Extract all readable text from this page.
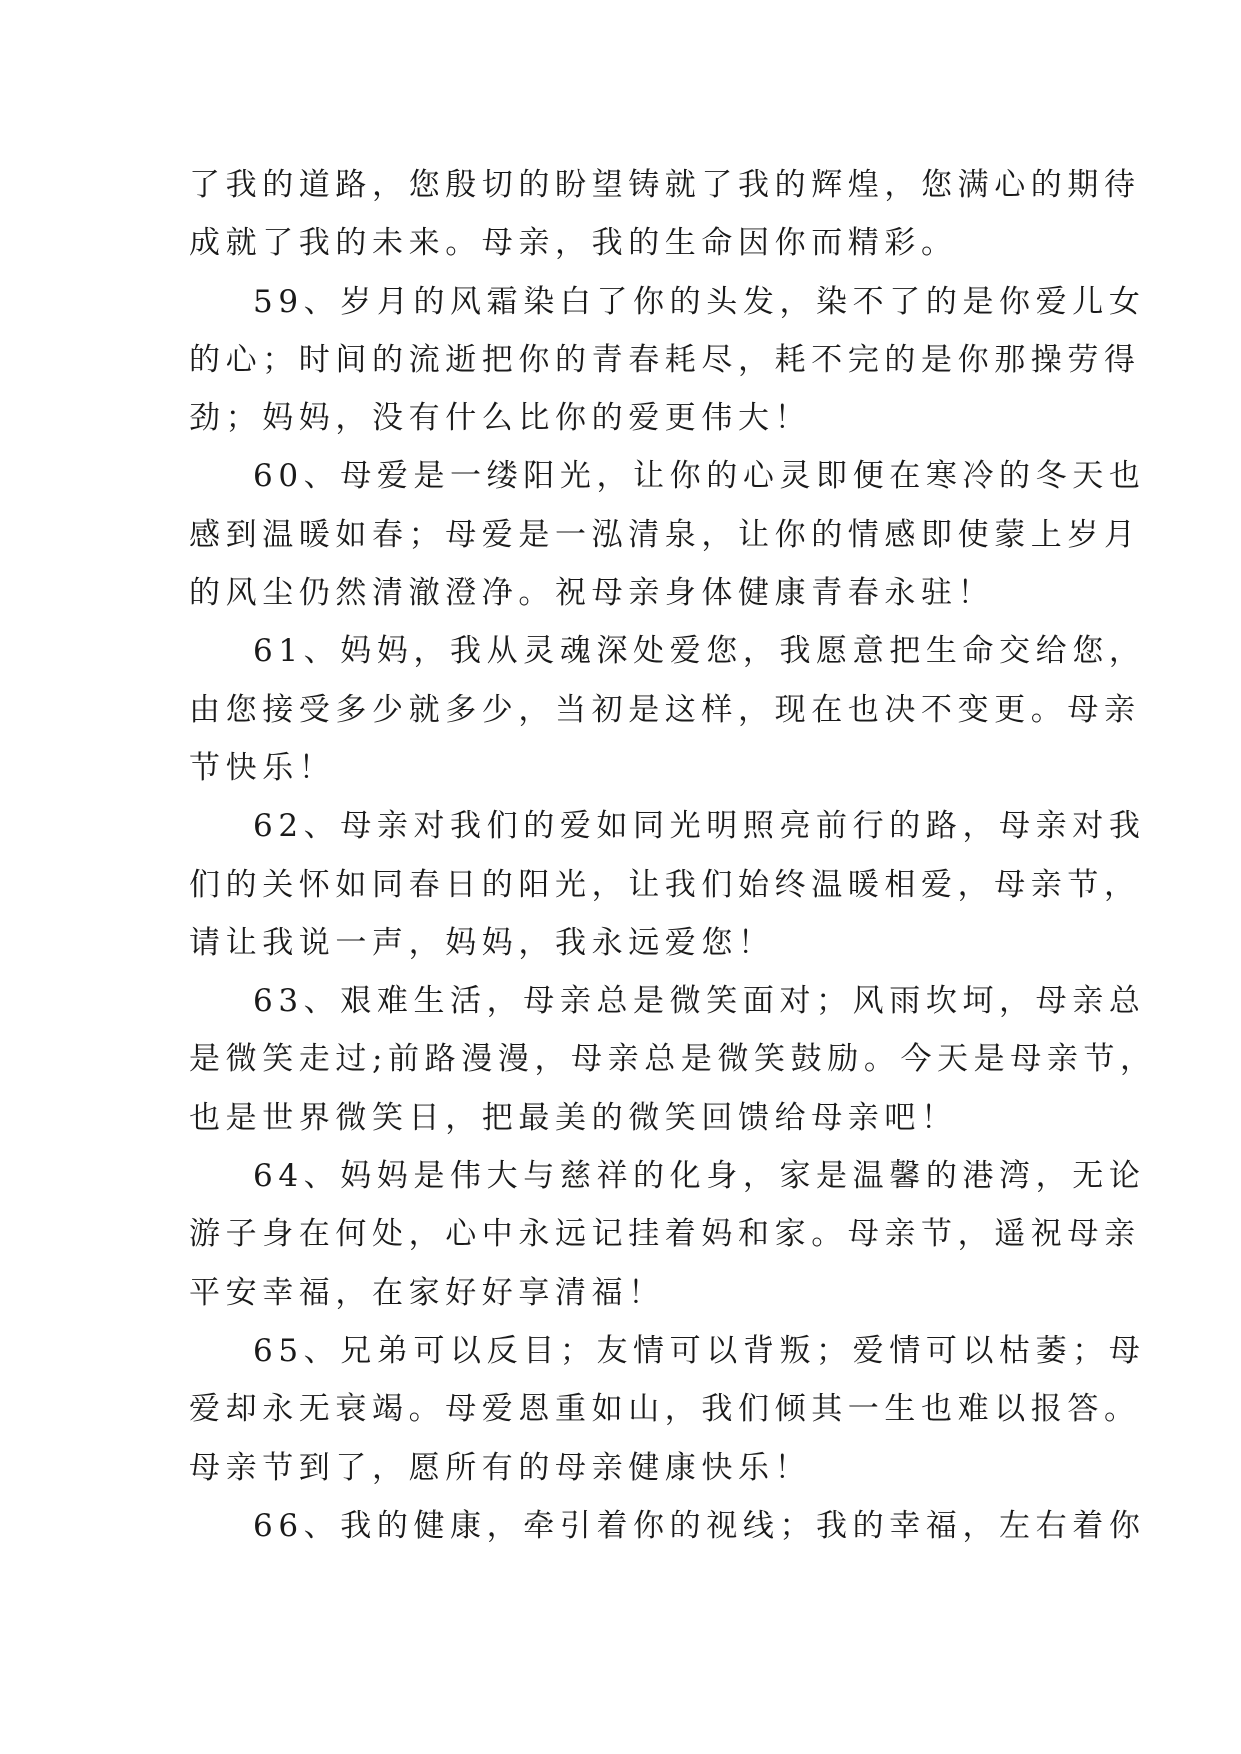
了我的道路，您殷切的盼望铸就了我的辉煌，您满心的期待
成就了我的未来。母亲，我的生命因你而精彩。
59、岁月的风霜染白了你的头发，染不了的是你爱儿女
的心；时间的流逝把你的青春耗尽，耗不完的是你那操劳得
劲；妈妈，没有什么比你的爱更伟大！
60、母爱是一缕阳光，让你的心灵即便在寒冷的冬天也
感到温暖如春；母爱是一泓清泉，让你的情感即使蒙上岁月
的风尘仍然清澈澄净。祝母亲身体健康青春永驻！
61、妈妈，我从灵魂深处爱您，我愿意把生命交给您，
由您接受多少就多少，当初是这样，现在也决不变更。母亲
节快乐！
62、母亲对我们的爱如同光明照亮前行的路，母亲对我
们的关怀如同春日的阳光，让我们始终温暖相爱，母亲节，
请让我说一声，妈妈，我永远爱您！
63、艰难生活，母亲总是微笑面对；风雨坎坷，母亲总
是微笑走过;前路漫漫，母亲总是微笑鼓励。今天是母亲节，
也是世界微笑日，把最美的微笑回馈给母亲吧！
64、妈妈是伟大与慈祥的化身，家是温馨的港湾，无论
游子身在何处，心中永远记挂着妈和家。母亲节，遥祝母亲
平安幸福，在家好好享清福！
65、兄弟可以反目；友情可以背叛；爱情可以枯萎；母
爱却永无衰竭。母爱恩重如山，我们倾其一生也难以报答。
母亲节到了，愿所有的母亲健康快乐！
66、我的健康，牵引着你的视线；我的幸福，左右着你
